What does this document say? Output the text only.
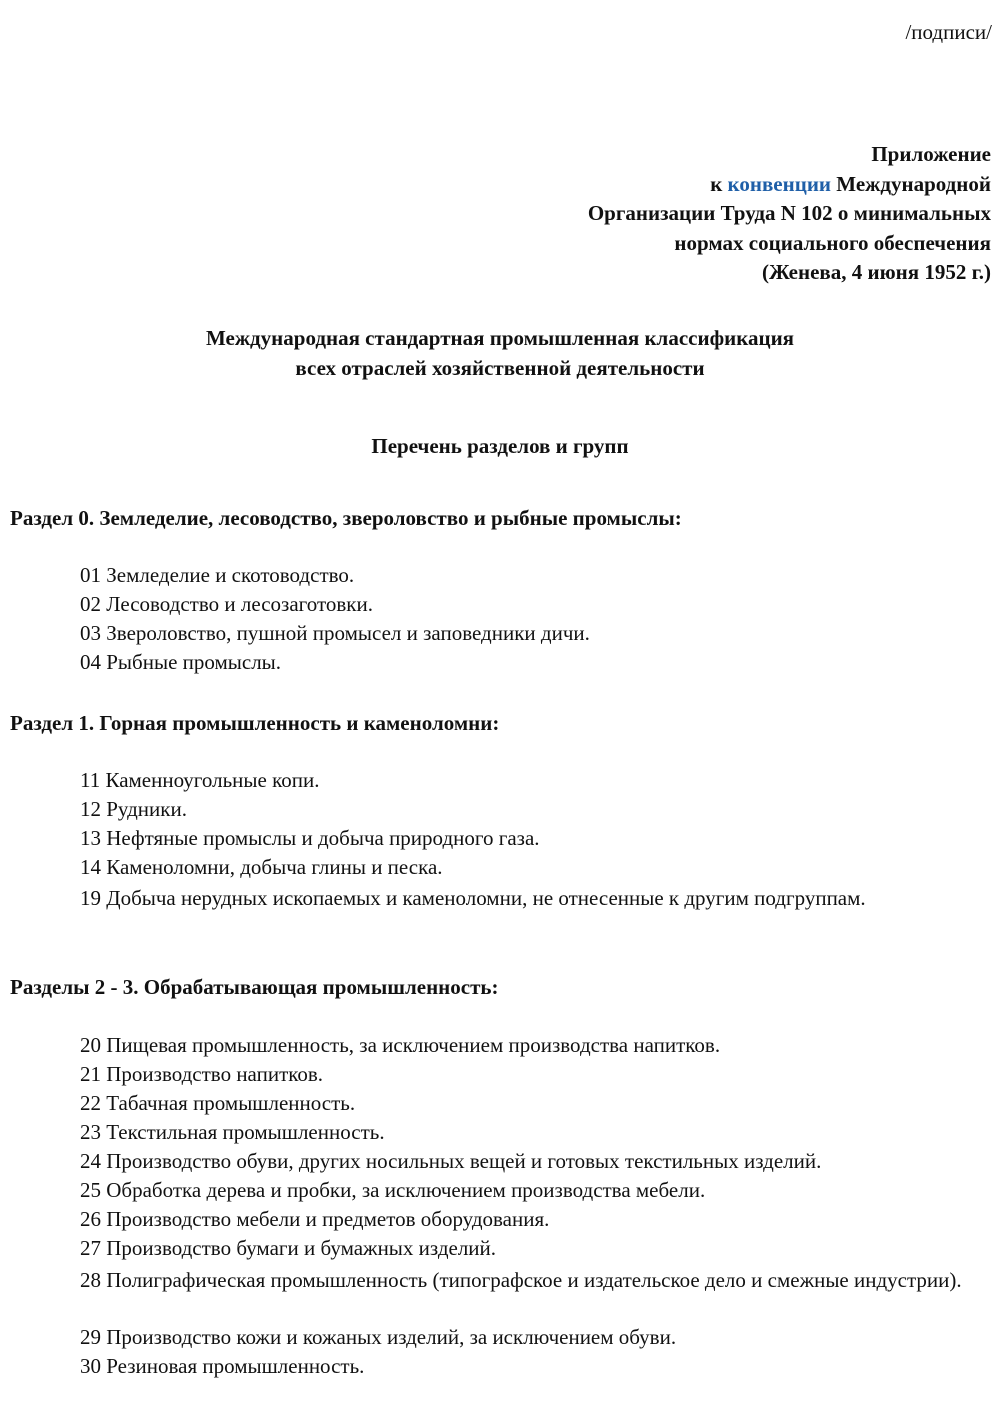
/подписи/
Приложение
к конвенции Международной
Организации Труда N 102 о минимальных
нормах социального обеспечения
(Женева, 4 июня 1952 г.)
Международная стандартная промышленная классификация
всех отраслей хозяйственной деятельности
Перечень разделов и групп
Раздел 0. Земледелие, лесоводство, звероловство и рыбные промыслы:
01 Земледелие и скотоводство.
02 Лесоводство и лесозаготовки.
03 Звероловство, пушной промысел и заповедники дичи.
04 Рыбные промыслы.
Раздел 1. Горная промышленность и каменоломни:
11 Каменноугольные копи.
12 Рудники.
13 Нефтяные промыслы и добыча природного газа.
14 Каменоломни, добыча глины и песка.
19 Добыча нерудных ископаемых и каменоломни, не отнесенные к другим подгруппам.
Разделы 2 - 3. Обрабатывающая промышленность:
20 Пищевая промышленность, за исключением производства напитков.
21 Производство напитков.
22 Табачная промышленность.
23 Текстильная промышленность.
24 Производство обуви, других носильных вещей и готовых текстильных изделий.
25 Обработка дерева и пробки, за исключением производства мебели.
26 Производство мебели и предметов оборудования.
27 Производство бумаги и бумажных изделий.
28 Полиграфическая промышленность (типографское и издательское дело и смежные индустрии).
29 Производство кожи и кожаных изделий, за исключением обуви.
30 Резиновая промышленность.
